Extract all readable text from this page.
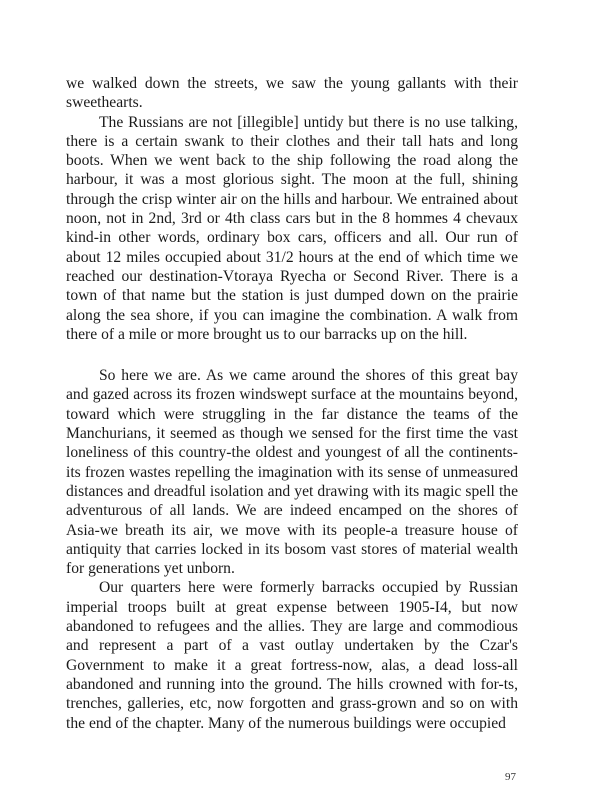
we walked down the streets, we saw the young gallants with their sweethearts.

The Russians are not [illegible] untidy but there is no use talking, there is a certain swank to their clothes and their tall hats and long boots. When we went back to the ship following the road along the harbour, it was a most glorious sight. The moon at the full, shining through the crisp winter air on the hills and harbour. We entrained about noon, not in 2nd, 3rd or 4th class cars but in the 8 hommes 4 chevaux kind-in other words, ordinary box cars, officers and all. Our run of about 12 miles occupied about 31/2 hours at the end of which time we reached our destination-Vtoraya Ryecha or Second River. There is a town of that name but the station is just dumped down on the prairie along the sea shore, if you can imagine the combination. A walk from there of a mile or more brought us to our barracks up on the hill.

So here we are. As we came around the shores of this great bay and gazed across its frozen windswept surface at the mountains beyond, toward which were struggling in the far distance the teams of the Manchurians, it seemed as though we sensed for the first time the vast loneliness of this country-the oldest and youngest of all the continents-its frozen wastes repelling the imagination with its sense of unmeasured distances and dreadful isolation and yet drawing with its magic spell the adventurous of all lands. We are indeed encamped on the shores of Asia-we breath its air, we move with its people-a treasure house of antiquity that carries locked in its bosom vast stores of material wealth for generations yet unborn.

Our quarters here were formerly barracks occupied by Russian imperial troops built at great expense between 1905-I4, but now abandoned to refugees and the allies. They are large and commodious and represent a part of a vast outlay undertaken by the Czar's Government to make it a great fortress-now, alas, a dead loss-all abandoned and running into the ground. The hills crowned with for-ts, trenches, galleries, etc, now forgotten and grass-grown and so on with the end of the chapter. Many of the numerous buildings were occupied

97
